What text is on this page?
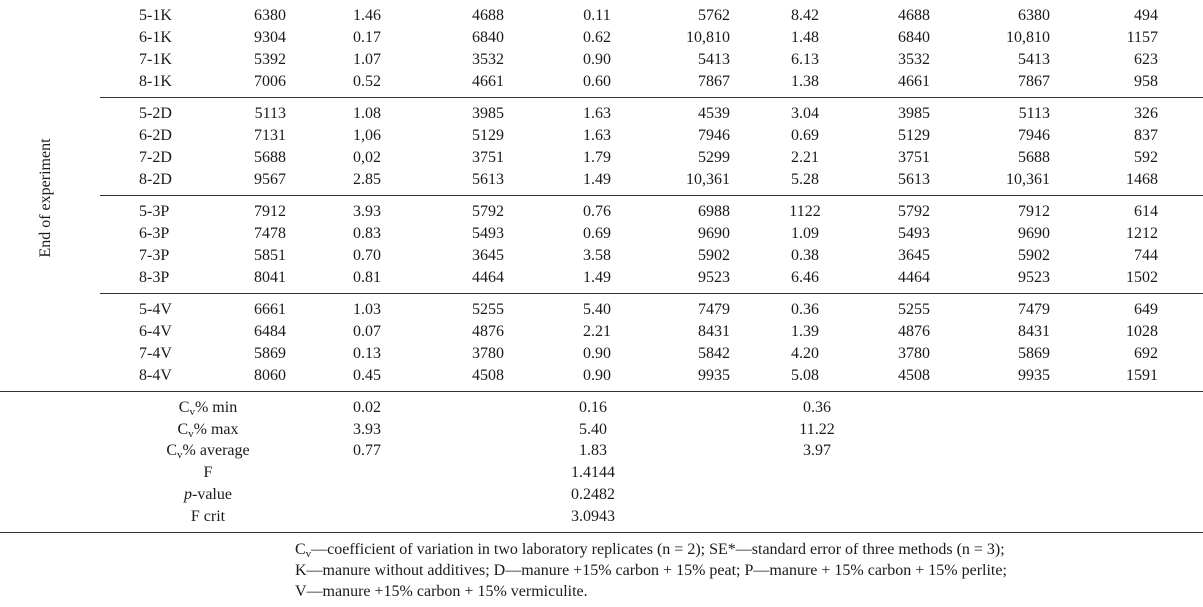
End of experiment
5-1K	6380	1.46	4688	0.11	5762	8.42	4688	6380	494
6-1K	9304	0.17	6840	0.62	10,810	1.48	6840	10,810	1157
7-1K	5392	1.07	3532	0.90	5413	6.13	3532	5413	623
8-1K	7006	0.52	4661	0.60	7867	1.38	4661	7867	958
5-2D	5113	1.08	3985	1.63	4539	3.04	3985	5113	326
6-2D	7131	1,06	5129	1.63	7946	0.69	5129	7946	837
7-2D	5688	0,02	3751	1.79	5299	2.21	3751	5688	592
8-2D	9567	2.85	5613	1.49	10,361	5.28	5613	10,361	1468
5-3P	7912	3.93	5792	0.76	6988	1122	5792	7912	614
6-3P	7478	0.83	5493	0.69	9690	1.09	5493	9690	1212
7-3P	5851	0.70	3645	3.58	5902	0.38	3645	5902	744
8-3P	8041	0.81	4464	1.49	9523	6.46	4464	9523	1502
5-4V	6661	1.03	5255	5.40	7479	0.36	5255	7479	649
6-4V	6484	0.07	4876	2.21	8431	1.39	4876	8431	1028
7-4V	5869	0.13	3780	0.90	5842	4.20	3780	5869	692
8-4V	8060	0.45	4508	0.90	9935	5.08	4508	9935	1591
$C_v\%$ min	0.02	0.16	0.36
$C_v\%$ max	3.93	5.40	11.22
$C_v\%$ average	0.77	1.83	3.97
F	1.4144
p-value	0.2482
F crit	3.0943
$C_v—coefficient$ of variation in two laboratory replicates (n = 2); SE*—standard error of three methods (n = 3);
K—manure without additives; D—manure +15% carbon + 15% peat; P—manure + 15% carbon + 15% perlite;
V—manure +15% carbon + 15% vermiculite.
